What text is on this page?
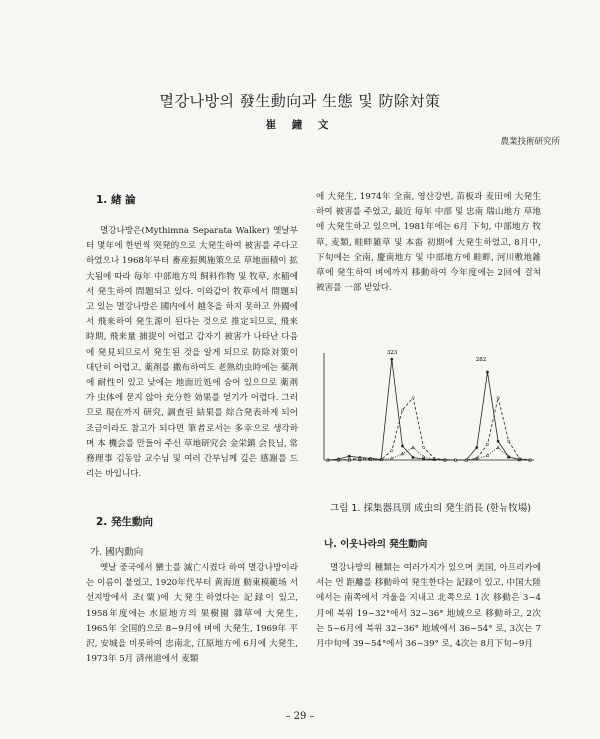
멸강나방의 發生動向과 生態 및 防除対策
崔 鐘 文
農業技術研究所
1. 緖 論

멸강나방은(Mythimna Separata Walker) 옛날부터 몇年에 한번씩 突発的으로 大発生하여 被害를 주다고 하였으나 1968年부터 畜産振興施策으로 草地面積이 拡大됨에 따라 毎年 中部地方의 飼料作物 및 牧草, 水稲에서 発生하여 問題되고 있다. 이와같이 牧草에서 問題되고 있는 멸강나방은 國内에서 越冬을 하지 못하고 外國에서 飛来하여 発生源이 된다는 것으로 推定되므로, 飛来時期, 飛来量 捕捉이 어렵고 갑자기 被害가 나타난 다음에 発見되므로서 発生된 것을 알게 되므로 防除対策이 대단히 어렵고, 薬剤를 撒布하여도 老熟幼虫時에는 薬剤에 耐性이 있고 낮에는 地面近処에 숨어 있으므로 薬剤가 虫体에 묻지 않아 充分한 効果를 얻기가 어렵다. 그러므로 現在까지 研究, 調査된 結果를 綜合発表하게 되어 조금이라도 참고가 되다면 筆者로서는 多幸으로 생각하며 本 機会를 만들어 주신 草地研究会 金栄鎮 会長님, 常務理事 김동암 교수님 및 여러 간부님께 깊은 感謝를 드리는 바입니다.

2. 発生動向
가. 國内動向

옛날 중국에서 蠻土를 滅亡시켰다 하여 멸강나방이라는 이름이 붙었고, 1920年代부터 黄海道 動東模範场 서선지방에서 조(粟)에 大発生하였다는 記録이 있고, 1958年度에는 水原地方의 果樹園 雜草에 大発生, 1965年 全国的으로 8~9月에 벼에 大発生, 1969年 平沢, 安城을 비롯하여 忠南北, 江原地方에 6月에 大発生, 1973年 5月 済州道에서 麦類

에 大発生, 1974年 全南, 영산강변, 苗板과 麦田에 大発生하여 被害를 주었고, 最近 毎年 中部 및 忠南 瑞山地方 草地에 大発生하고 있으며, 1981年에는 6月 下旬, 中部地方 牧草, 麦類, 畦畔雑草 및 本畓 初期에 大発生하였고, 8月中, 下旬에는 全南, 慶南地方 및 中部地方에 畦畔, 河川敷地雑草에 発生하여 벼에까지 移動하여 今年度에는 2回에 걸쳐 被害를 一部 받았다.

323
282
그림 1. 採集器具別 成虫의 発生消長 (한뉴牧場)
나. 이웃나라의 発生動向

멸강나방의 種類는 여러가지가 있으며 美国, 아프리카에서는 먼 距離를 移動하여 発生한다는 記録이 있고, 中国大陸에서는 南쪽에서 겨울을 지내고 北쪽으로 1次 移動은 3~4月에 북위 19~32°에서 32~36° 地域으로 移動하고, 2次는 5~6月에 북위 32~36° 地域에서 36~54° 로, 3次는 7月中旬에 39~54°에서 36~39° 로, 4次는 8月下旬~9月

– 29 –
